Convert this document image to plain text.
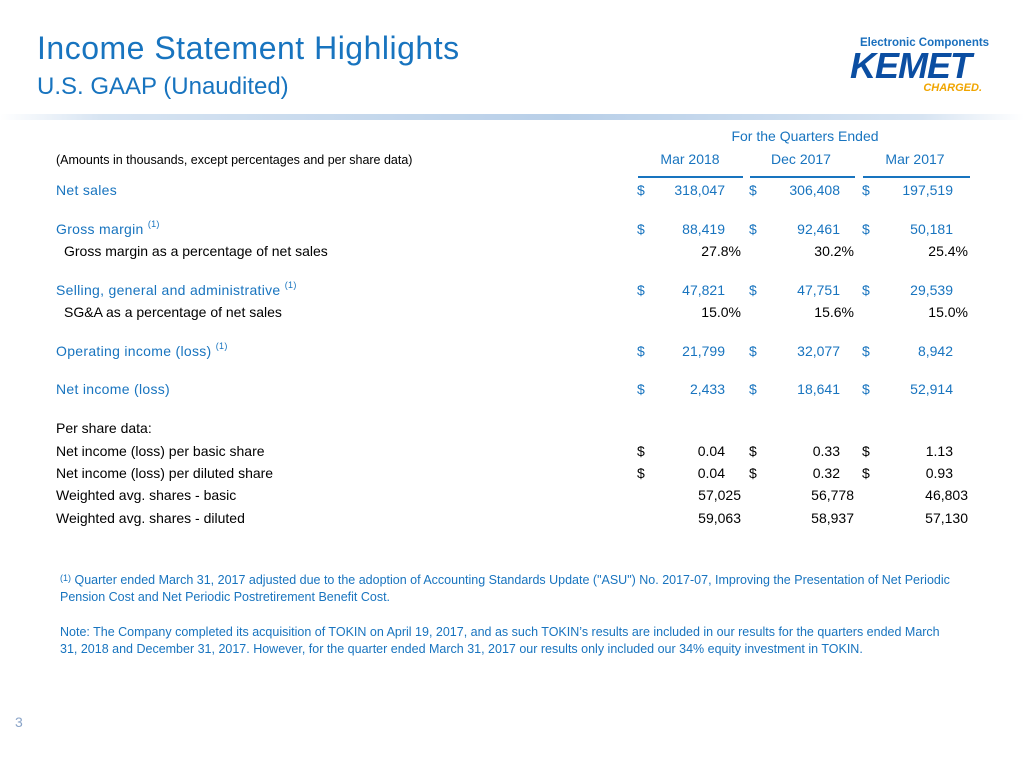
Income Statement Highlights
U.S. GAAP (Unaudited)
Electronic Components
KEMET
CHARGED.
For the Quarters Ended
(Amounts in thousands, except percentages and per share data)	Mar 2018	Dec 2017	Mar 2017
Net sales	$ 318,047 $ 306,408 $ 197,519
Gross margin $^{(1)}$	$	88,419 $	92,461 $	50,181
Gross margin as a percentage of net sales	27.8%	30.2%	25.4%
Selling, general and administrative $^{(1)}$	$	47,821 $	47,751 $	29,539
SG&A as a percentage of net sales	15.0%	15.6%	15.0%
Operating income (loss) $^{(1)}$	$	21,799 $	32,077 $	8,942
Net income (loss)	$	2,433 $	18,641 $	52,914
Per share data:
Net income (loss) per basic share	$	0.04 $	0.33 $	1.13
Net income (loss) per diluted share	$	0.04 $	0.32 $	0.93
Weighted avg. shares - basic	57,025	56,778	46,803
Weighted avg. shares - diluted	59,063	58,937	57,130
$^{(1)}$ Quarter ended March 31, 2017 adjusted due to the adoption of Accounting Standards Update ("ASU") No. 2017-07, Improving the Presentation of Net Periodic Pension Cost and Net Periodic Postretirement Benefit Cost.
Note: The Company completed its acquisition of TOKIN on April 19, 2017, and as such TOKIN’s results are included in our results for the quarters ended March 31, 2018 and December 31, 2017. However, for the quarter ended March 31, 2017 our results only included our 34% equity investment in TOKIN.
3
